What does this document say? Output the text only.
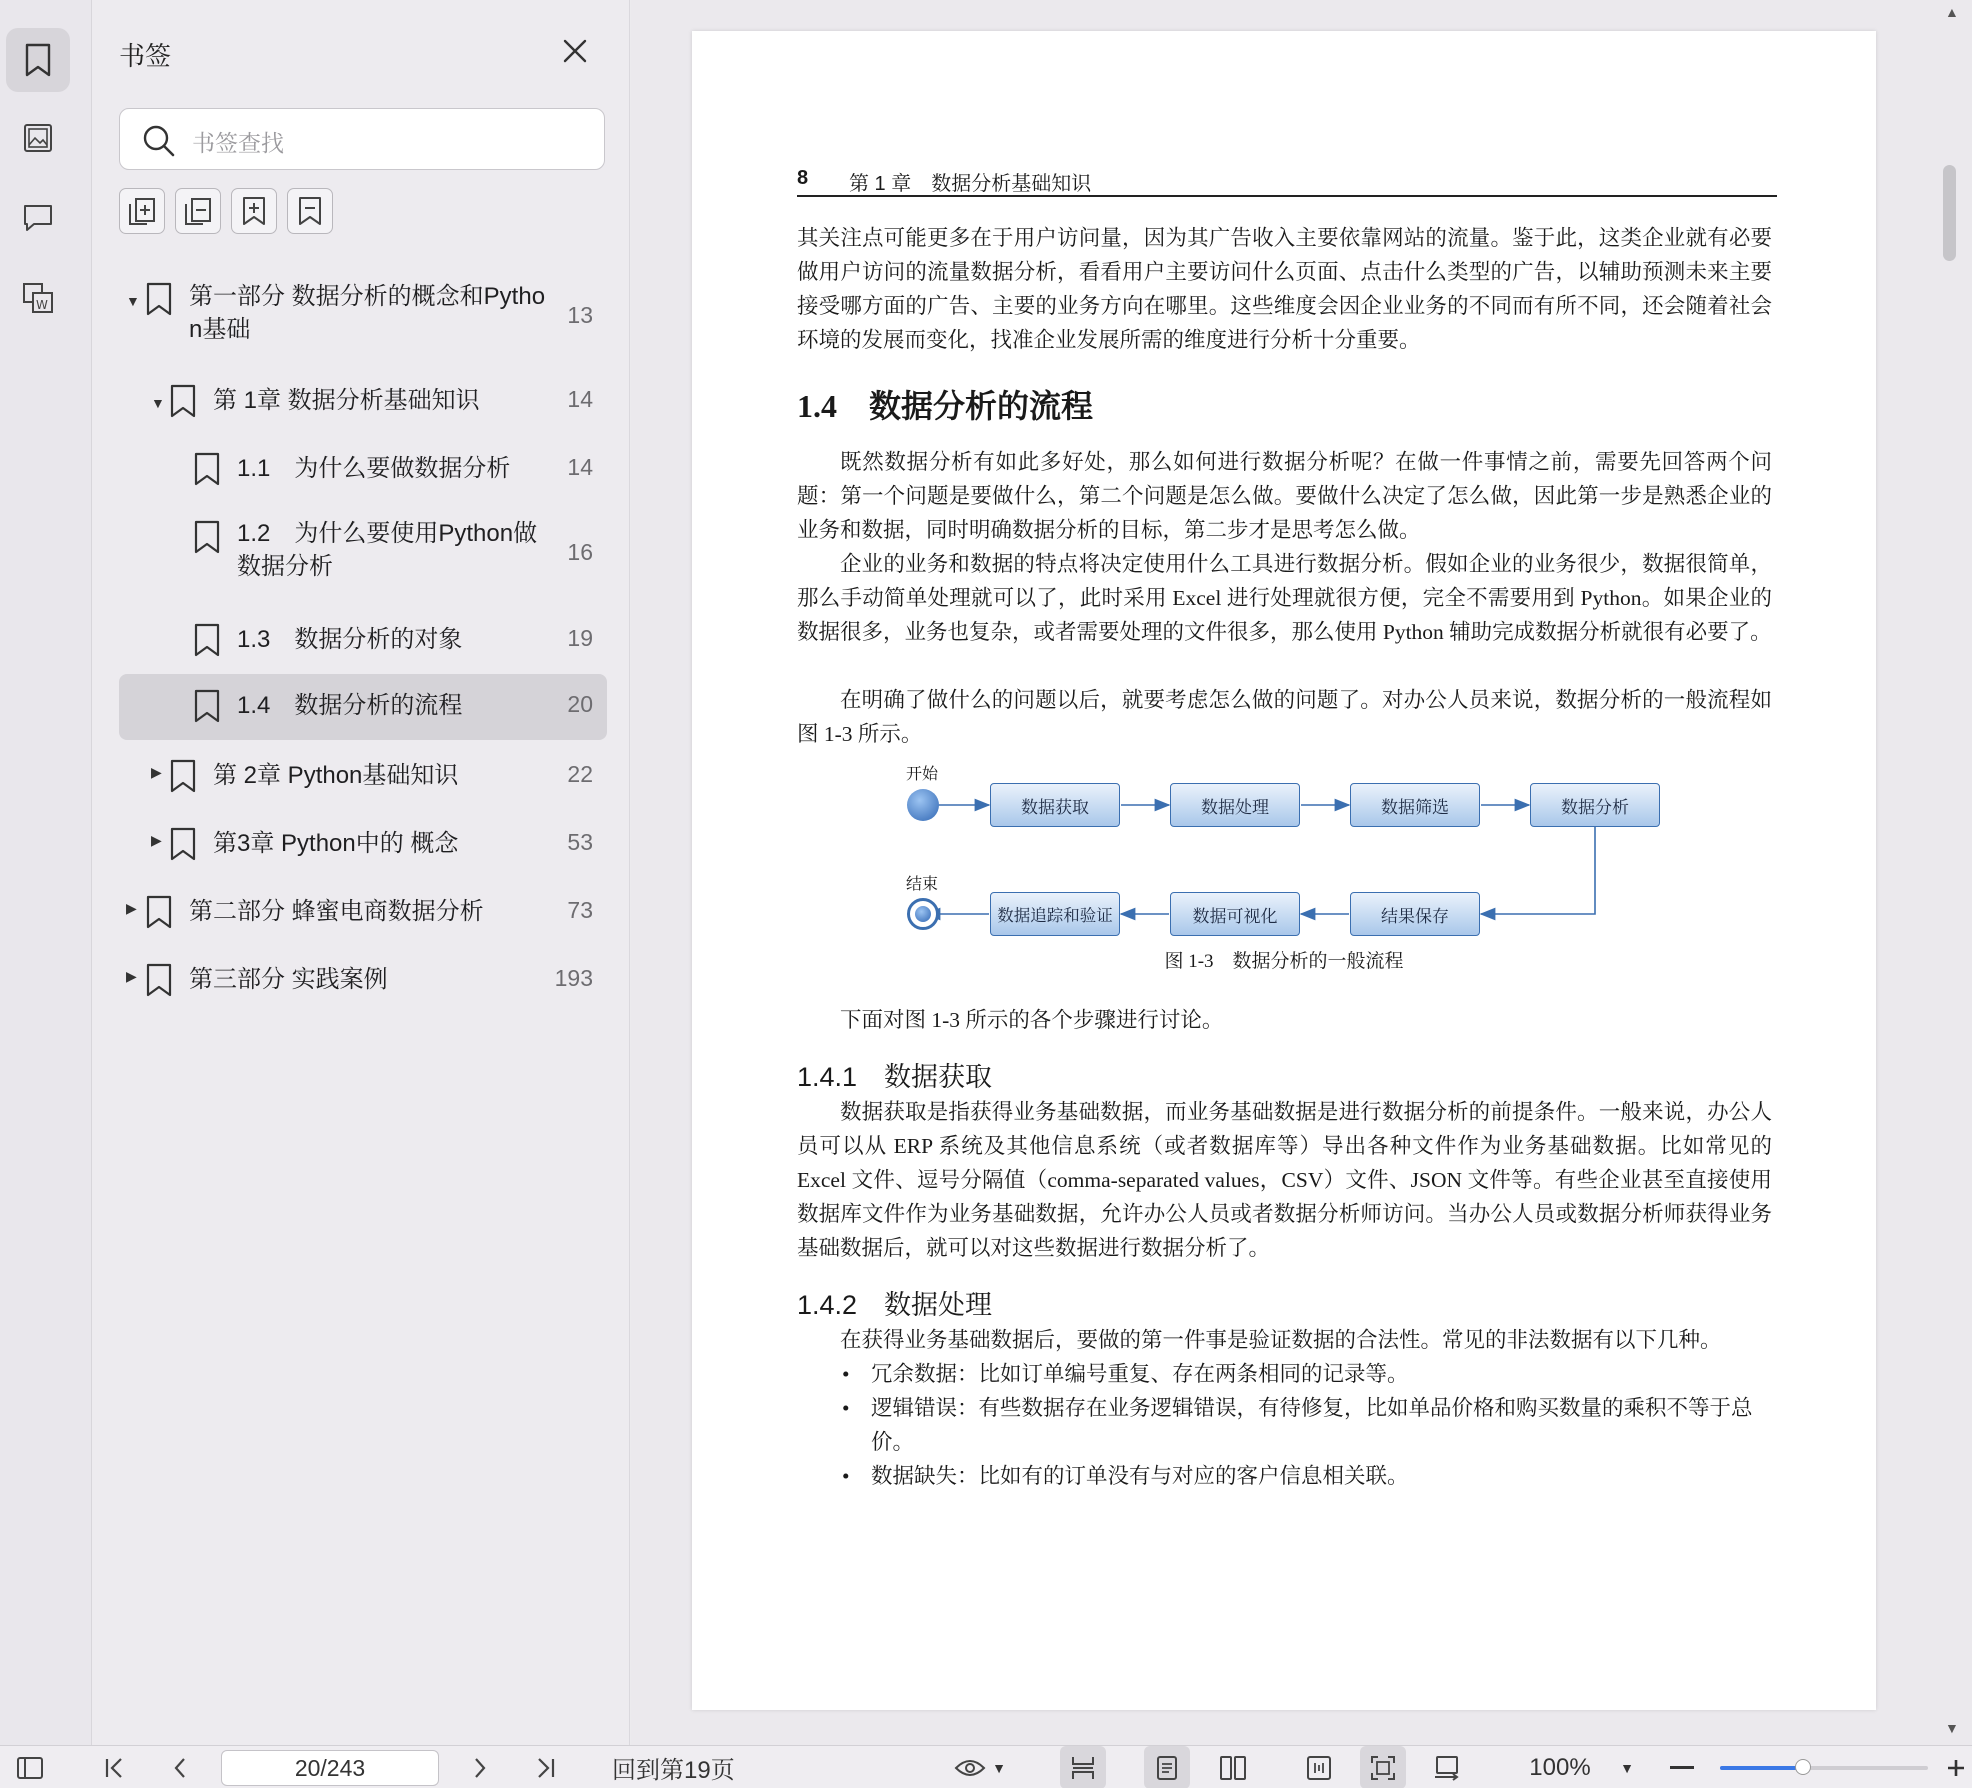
W
书签
书签查找
▼ 第一部分 数据分析的概念和Pytho
n基础
13
▼ 第 1章 数据分析基础知识	14
1.1　为什么要做数据分析 14
1.2　为什么要使用Python做
数据分析
16
1.3　数据分析的对象	19
1.4　数据分析的流程	20
▶ 第 2章 Python基础知识	22
▶ 第3章 Python中的 概念	53
▶ 第二部分 蜂蜜电商数据分析	73
▶ 第三部分 实践案例	193
▲
▼
8 第 1 章　数据分析基础知识
其关注点可能更多在于用户访问量，因为其广告收入主要依靠网站的流量。鉴于此，这类企业就有必要做用户访问的流量数据分析，看看用户主要访问什么页面、点击什么类型的广告，以辅助预测未来主要接受哪方面的广告、主要的业务方向在哪里。这些维度会因企业业务的不同而有所不同，还会随着社会环境的发展而变化，找准企业发展所需的维度进行分析十分重要。
1.4　数据分析的流程
既然数据分析有如此多好处，那么如何进行数据分析呢？在做一件事情之前，需要先回答两个问题：第一个问题是要做什么，第二个问题是怎么做。要做什么决定了怎么做，因此第一步是熟悉企业的业务和数据，同时明确数据分析的目标，第二步才是思考怎么做。
企业的业务和数据的特点将决定使用什么工具进行数据分析。假如企业的业务很少，数据很简单，那么手动简单处理就可以了，此时采用 Excel 进行处理就很方便，完全不需要用到 Python。如果企业的数据很多，业务也复杂，或者需要处理的文件很多，那么使用 Python 辅助完成数据分析就很有必要了。
在明确了做什么的问题以后，就要考虑怎么做的问题了。对办公人员来说，数据分析的一般流程如图 1-3 所示。
开始
数据获取	数据处理	数据筛选	数据分析
结束
数据追踪和验证	数据可视化	结果保存
图 1-3　数据分析的一般流程
下面对图 1-3 所示的各个步骤进行讨论。
1.4.1　数据获取
数据获取是指获得业务基础数据，而业务基础数据是进行数据分析的前提条件。一般来说，办公人员可以从 ERP 系统及其他信息系统（或者数据库等）导出各种文件作为业务基础数据。比如常见的 Excel 文件、逗号分隔值（comma-separated values，CSV）文件、JSON 文件等。有些企业甚至直接使用数据库文件作为业务基础数据，允许办公人员或者数据分析师访问。当办公人员或数据分析师获得业务基础数据后，就可以对这些数据进行数据分析了。
1.4.2　数据处理
在获得业务基础数据后，要做的第一件事是验证数据的合法性。常见的非法数据有以下几种。
• 冗余数据：比如订单编号重复、存在两条相同的记录等。
• 逻辑错误：有些数据存在业务逻辑错误，有待修复，比如单品价格和购买数量的乘积不等于总价。
• 数据缺失：比如有的订单没有与对应的客户信息相关联。
20/243	回到第19页	▼	100%	▼
